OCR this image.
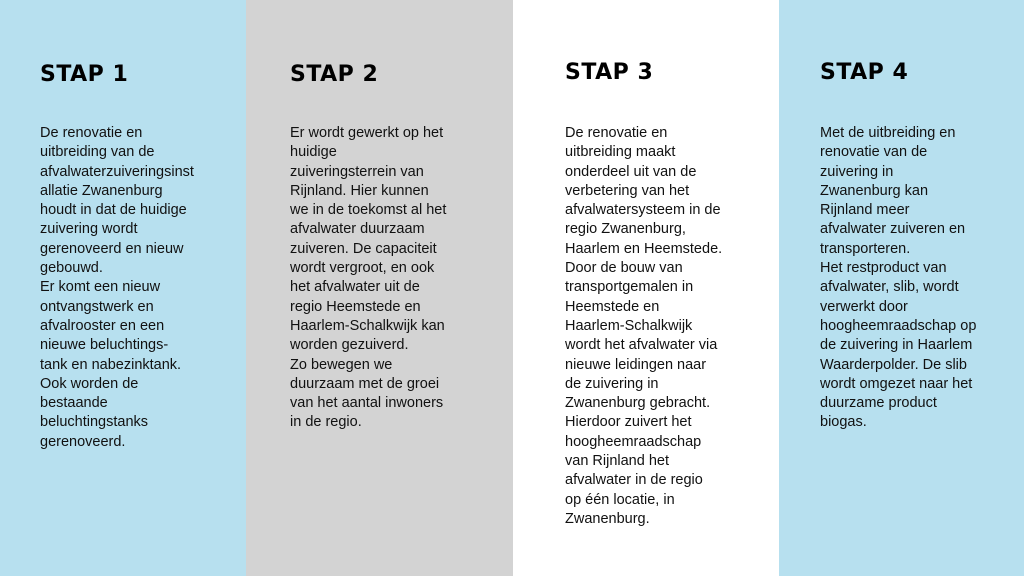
STAP 1

De renovatie en
uitbreiding van de
afvalwaterzuiveringsinst
allatie Zwanenburg
houdt in dat de huidige
zuivering wordt
gerenoveerd en nieuw
gebouwd.
Er komt een nieuw
ontvangstwerk en
afvalrooster en een
nieuwe beluchtings-
tank en nabezinktank.
Ook worden de
bestaande
beluchtingstanks
gerenoveerd.

STAP 2

Er wordt gewerkt op het
huidige
zuiveringsterrein van
Rijnland. Hier kunnen
we in de toekomst al het
afvalwater duurzaam
zuiveren. De capaciteit
wordt vergroot, en ook
het afvalwater uit de
regio Heemstede en
Haarlem-Schalkwijk kan
worden gezuiverd.
Zo bewegen we
duurzaam met de groei
van het aantal inwoners
in de regio.

STAP 3

De renovatie en
uitbreiding maakt
onderdeel uit van de
verbetering van het
afvalwatersysteem in de
regio Zwanenburg,
Haarlem en Heemstede.
Door de bouw van
transportgemalen in
Heemstede en
Haarlem-Schalkwijk
wordt het afvalwater via
nieuwe leidingen naar
de zuivering in
Zwanenburg gebracht.
Hierdoor zuivert het
hoogheemraadschap
van Rijnland het
afvalwater in de regio
op één locatie, in
Zwanenburg.

STAP 4

Met de uitbreiding en
renovatie van de
zuivering in
Zwanenburg kan
Rijnland meer
afvalwater zuiveren en
transporteren.
Het restproduct van
afvalwater, slib, wordt
verwerkt door
hoogheemraadschap op
de zuivering in Haarlem
Waarderpolder. De slib
wordt omgezet naar het
duurzame product
biogas.
